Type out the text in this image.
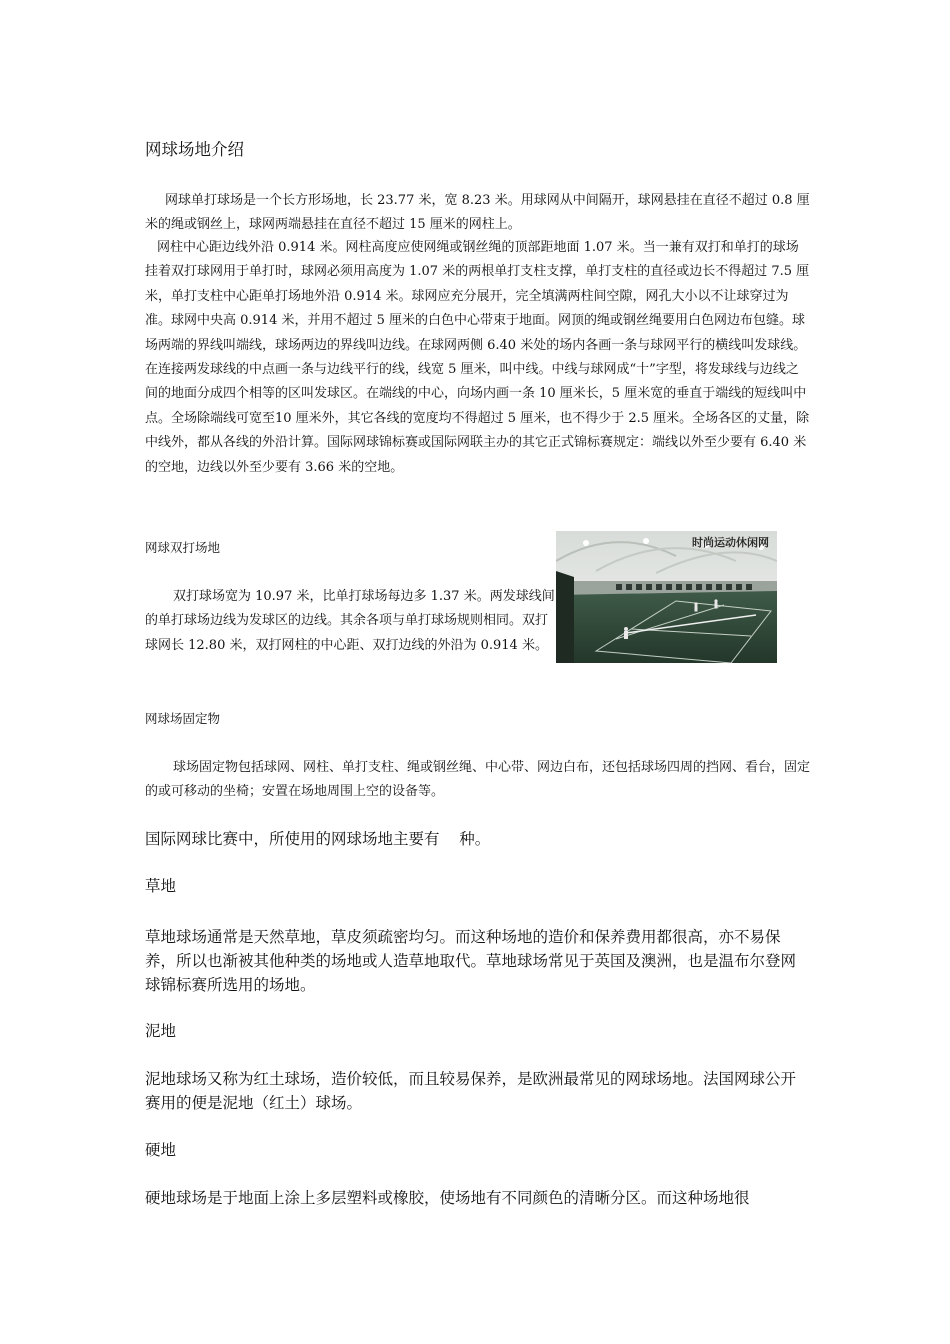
网球场地介绍

网球单打球场是一个长方形场地，长 23.77 米，宽 8.23 米。用球网从中间隔开，球网悬挂在直径不超过 0.8 厘米的绳或钢丝上，球网两端悬挂在直径不超过 15 厘米的网柱上。

网柱中心距边线外沿 0.914 米。网柱高度应使网绳或钢丝绳的顶部距地面 1.07 米。当一兼有双打和单打的球场挂着双打球网用于单打时，球网必须用高度为 1.07 米的两根单打支柱支撑，单打支柱的直径或边长不得超过 7.5 厘米，单打支柱中心距单打场地外沿 0.914 米。球网应充分展开，完全填满两柱间空隙，网孔大小以不让球穿过为准。球网中央高 0.914 米，并用不超过 5 厘米的白色中心带束于地面。网顶的绳或钢丝绳要用白色网边布包缝。球场两端的界线叫端线，球场两边的界线叫边线。在球网两侧 6.40 米处的场内各画一条与球网平行的横线叫发球线。在连接两发球线的中点画一条与边线平行的线，线宽 5 厘米，叫中线。中线与球网成“十”字型，将发球线与边线之间的地面分成四个相等的区叫发球区。在端线的中心，向场内画一条 10 厘米长，5 厘米宽的垂直于端线的短线叫中点。全场除端线可宽至10 厘米外，其它各线的宽度均不得超过 5 厘米，也不得少于 2.5 厘米。全场各区的丈量，除中线外，都从各线的外沿计算。国际网球锦标赛或国际网联主办的其它正式锦标赛规定：端线以外至少要有 6.40 米的空地，边线以外至少要有 3.66 米的空地。

网球双打场地

双打球场宽为 10.97 米，比单打球场每边多 1.37 米。两发球线间的单打球场边线为发球区的边线。其余各项与单打球场规则相同。双打球网长 12.80 米，双打网柱的中心距、双打边线的外沿为 0.914 米。

时尚运动休闲网
网球场固定物

球场固定物包括球网、网柱、单打支柱、绳或钢丝绳、中心带、网边白布，还包括球场四周的挡网、看台，固定的或可移动的坐椅；安置在场地周围上空的设备等。

国际网球比赛中，所使用的网球场地主要有    种。

草地

草地球场通常是天然草地，草皮须疏密均匀。而这种场地的造价和保养费用都很高，亦不易保养，所以也渐被其他种类的场地或人造草地取代。草地球场常见于英国及澳洲，也是温布尔登网球锦标赛所选用的场地。

泥地

泥地球场又称为红土球场，造价较低，而且较易保养，是欧洲最常见的网球场地。法国网球公开赛用的便是泥地（红土）球场。

硬地

硬地球场是于地面上涂上多层塑料或橡胶，使场地有不同颜色的清晰分区。而这种场地很
